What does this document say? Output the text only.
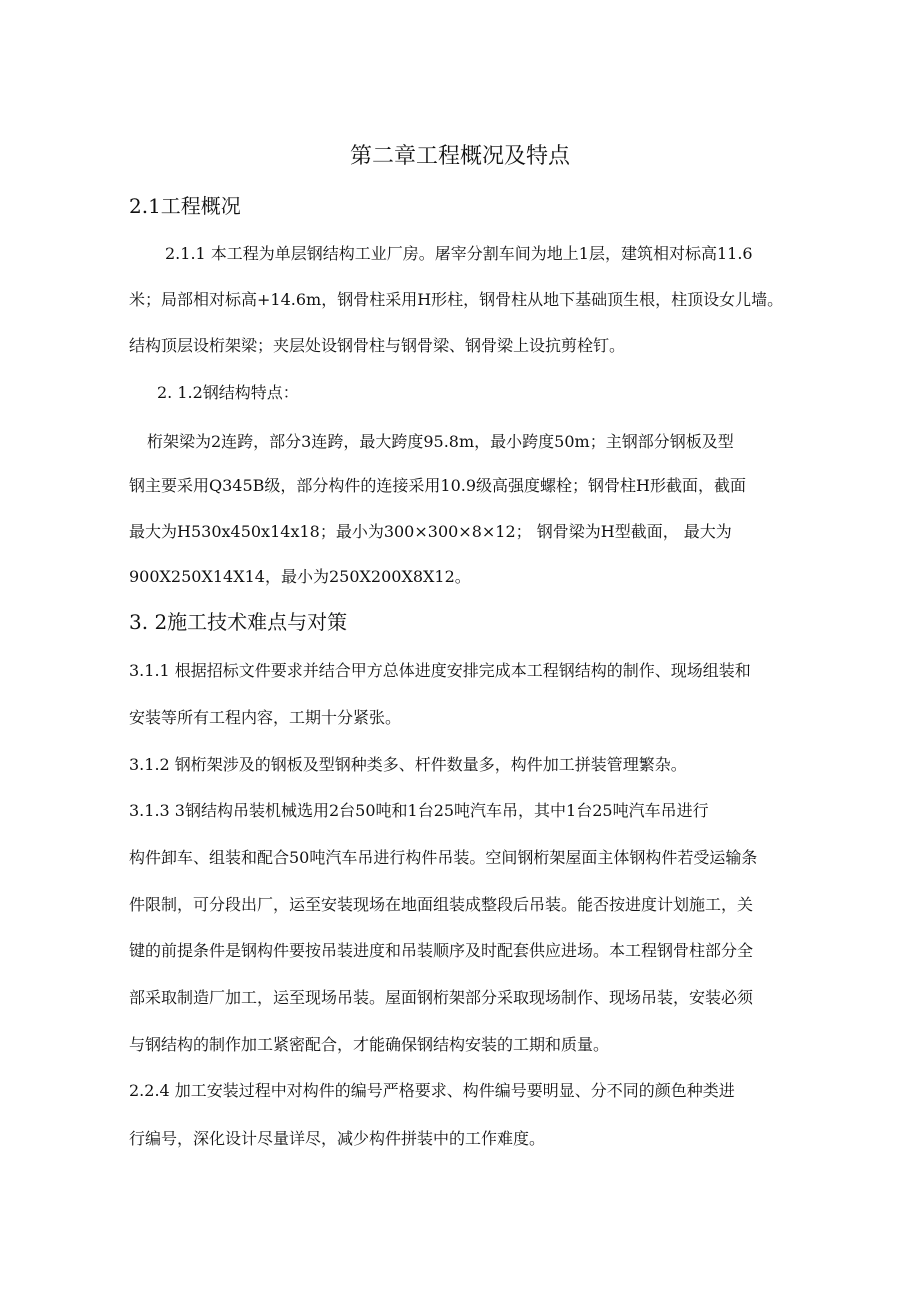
第二章工程概况及特点
2.1工程概况

2.1.1 本工程为单层钢结构工业厂房。屠宰分割车间为地上1层，建筑相对标高11.6

米；局部相对标高+14.6m，钢骨柱采用H形柱，钢骨柱从地下基础顶生根，柱顶设女儿墙。

结构顶层设桁架梁；夹层处设钢骨柱与钢骨梁、钢骨梁上设抗剪栓钉。

2. 1.2钢结构特点：

桁架梁为2连跨，部分3连跨，最大跨度95.8m，最小跨度50m；主钢部分钢板及型

钢主要采用Q345B级，部分构件的连接采用10.9级高强度螺栓；钢骨柱H形截面，截面

最大为H530x450x14x18；最小为300×300×8×12； 钢骨梁为H型截面， 最大为

900X250X14X14，最小为250X200X8X12。

3. 2施工技术难点与对策

3.1.1 根据招标文件要求并结合甲方总体进度安排完成本工程钢结构的制作、现场组装和

安装等所有工程内容，工期十分紧张。

3.1.2 钢桁架涉及的钢板及型钢种类多、杆件数量多，构件加工拼装管理繁杂。

3.1.3 3钢结构吊装机械选用2台50吨和1台25吨汽车吊，其中1台25吨汽车吊进行

构件卸车、组装和配合50吨汽车吊进行构件吊装。空间钢桁架屋面主体钢构件若受运输条

件限制，可分段出厂，运至安装现场在地面组装成整段后吊装。能否按进度计划施工，关

键的前提条件是钢构件要按吊装进度和吊装顺序及时配套供应进场。本工程钢骨柱部分全

部采取制造厂加工，运至现场吊装。屋面钢桁架部分采取现场制作、现场吊装，安装必须

与钢结构的制作加工紧密配合，才能确保钢结构安装的工期和质量。

2.2.4 加工安装过程中对构件的编号严格要求、构件编号要明显、分不同的颜色种类进

行编号，深化设计尽量详尽，减少构件拼装中的工作难度。
